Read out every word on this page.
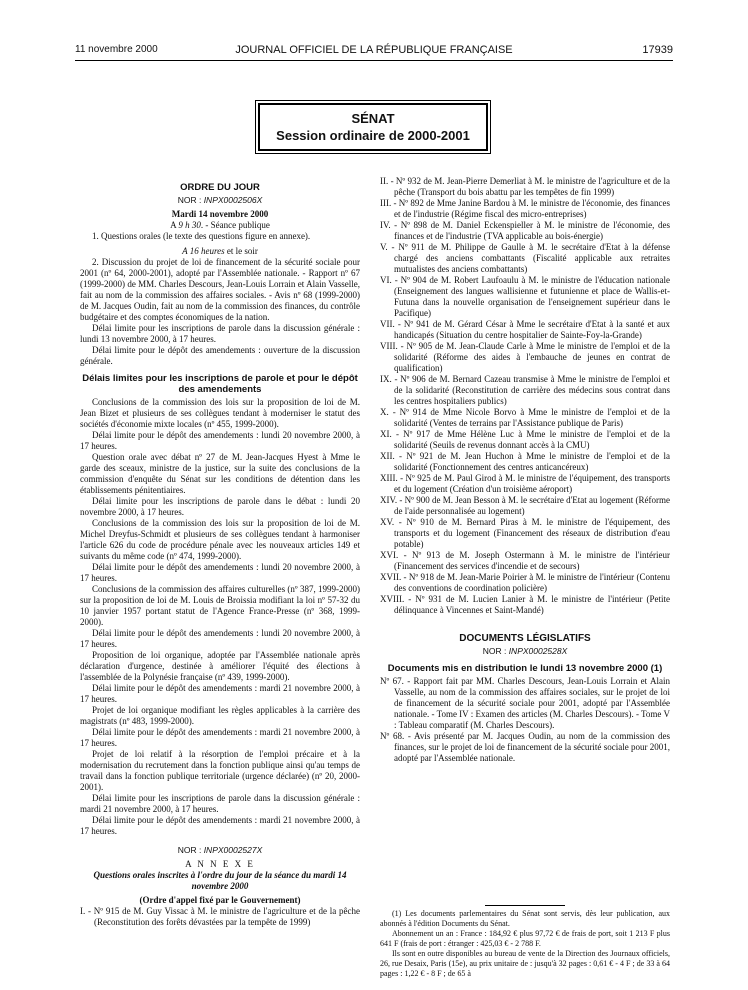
11 novembre 2000	JOURNAL OFFICIEL DE LA RÉPUBLIQUE FRANÇAISE	17939
SÉNAT
Session ordinaire de 2000-2001
ORDRE DU JOUR
NOR : INPX0002506X

Mardi 14 novembre 2000

A 9 h 30. - Séance publique

1. Questions orales (le texte des questions figure en annexe).

A 16 heures et le soir

2. Discussion du projet de loi de financement de la sécurité sociale pour 2001 (nº 64, 2000-2001), adopté par l'Assemblée nationale. - Rapport nº 67 (1999-2000) de MM. Charles Descours, Jean-Louis Lorrain et Alain Vasselle, fait au nom de la commission des affaires sociales. - Avis nº 68 (1999-2000) de M. Jacques Oudin, fait au nom de la commission des finances, du contrôle budgétaire et des comptes économiques de la nation.

Délai limite pour les inscriptions de parole dans la discussion générale : lundi 13 novembre 2000, à 17 heures.

Délai limite pour le dépôt des amendements : ouverture de la discussion générale.

Délais limites pour les inscriptions de parole et pour le dépôt des amendements

Conclusions de la commission des lois sur la proposition de loi de M. Jean Bizet et plusieurs de ses collègues tendant à moderniser le statut des sociétés d'économie mixte locales (nº 455, 1999-2000).

Délai limite pour le dépôt des amendements : lundi 20 novembre 2000, à 17 heures.

Question orale avec débat nº 27 de M. Jean-Jacques Hyest à Mme le garde des sceaux, ministre de la justice, sur la suite des conclusions de la commission d'enquête du Sénat sur les conditions de détention dans les établissements pénitentiaires.

Délai limite pour les inscriptions de parole dans le débat : lundi 20 novembre 2000, à 17 heures.

Conclusions de la commission des lois sur la proposition de loi de M. Michel Dreyfus-Schmidt et plusieurs de ses collègues tendant à harmoniser l'article 626 du code de procédure pénale avec les nouveaux articles 149 et suivants du même code (nº 474, 1999-2000).

Délai limite pour le dépôt des amendements : lundi 20 novembre 2000, à 17 heures.

Conclusions de la commission des affaires culturelles (nº 387, 1999-2000) sur la proposition de loi de M. Louis de Broissia modifiant la loi nº 57-32 du 10 janvier 1957 portant statut de l'Agence France-Presse (nº 368, 1999-2000).

Délai limite pour le dépôt des amendements : lundi 20 novembre 2000, à 17 heures.

Proposition de loi organique, adoptée par l'Assemblée nationale après déclaration d'urgence, destinée à améliorer l'équité des élections à l'assemblée de la Polynésie française (nº 439, 1999-2000).

Délai limite pour le dépôt des amendements : mardi 21 novembre 2000, à 17 heures.

Projet de loi organique modifiant les règles applicables à la carrière des magistrats (nº 483, 1999-2000).

Délai limite pour le dépôt des amendements : mardi 21 novembre 2000, à 17 heures.

Projet de loi relatif à la résorption de l'emploi précaire et à la modernisation du recrutement dans la fonction publique ainsi qu'au temps de travail dans la fonction publique territoriale (urgence déclarée) (nº 20, 2000-2001).

Délai limite pour les inscriptions de parole dans la discussion générale : mardi 21 novembre 2000, à 17 heures.

Délai limite pour le dépôt des amendements : mardi 21 novembre 2000, à 17 heures.

NOR : INPX0002527X

A N N E X E

Questions orales inscrites à l'ordre du jour de la séance du mardi 14 novembre 2000

(Ordre d'appel fixé par le Gouvernement)

I. - Nº 915 de M. Guy Vissac à M. le ministre de l'agriculture et de la pêche (Reconstitution des forêts dévastées par la tempête de 1999)

II. - Nº 932 de M. Jean-Pierre Demerliat à M. le ministre de l'agriculture et de la pêche (Transport du bois abattu par les tempêtes de fin 1999)

III. - Nº 892 de Mme Janine Bardou à M. le ministre de l'économie, des finances et de l'industrie (Régime fiscal des micro-entreprises)

IV. - Nº 898 de M. Daniel Eckenspieller à M. le ministre de l'économie, des finances et de l'industrie (TVA applicable au bois-énergie)

V. - Nº 911 de M. Philippe de Gaulle à M. le secrétaire d'Etat à la défense chargé des anciens combattants (Fiscalité applicable aux retraites mutualistes des anciens combattants)

VI. - Nº 904 de M. Robert Laufoaulu à M. le ministre de l'éducation nationale (Enseignement des langues wallisienne et futunienne et place de Wallis-et-Futuna dans la nouvelle organisation de l'enseignement supérieur dans le Pacifique)

VII. - Nº 941 de M. Gérard César à Mme le secrétaire d'Etat à la santé et aux handicapés (Situation du centre hospitalier de Sainte-Foy-la-Grande)

VIII. - Nº 905 de M. Jean-Claude Carle à Mme le ministre de l'emploi et de la solidarité (Réforme des aides à l'embauche de jeunes en contrat de qualification)

IX. - Nº 906 de M. Bernard Cazeau transmise à Mme le ministre de l'emploi et de la solidarité (Reconstitution de carrière des médecins sous contrat dans les centres hospitaliers publics)

X. - Nº 914 de Mme Nicole Borvo à Mme le ministre de l'emploi et de la solidarité (Ventes de terrains par l'Assistance publique de Paris)

XI. - Nº 917 de Mme Hélène Luc à Mme le ministre de l'emploi et de la solidarité (Seuils de revenus donnant accès à la CMU)

XII. - Nº 921 de M. Jean Huchon à Mme le ministre de l'emploi et de la solidarité (Fonctionnement des centres anticancéreux)

XIII. - Nº 925 de M. Paul Girod à M. le ministre de l'équipement, des transports et du logement (Création d'un troisième aéroport)

XIV. - Nº 900 de M. Jean Besson à M. le secrétaire d'Etat au logement (Réforme de l'aide personnalisée au logement)

XV. - Nº 910 de M. Bernard Piras à M. le ministre de l'équipement, des transports et du logement (Financement des réseaux de distribution d'eau potable)

XVI. - Nº 913 de M. Joseph Ostermann à M. le ministre de l'intérieur (Financement des services d'incendie et de secours)

XVII. - Nº 918 de M. Jean-Marie Poirier à M. le ministre de l'intérieur (Contenu des conventions de coordination policière)

XVIII. - Nº 931 de M. Lucien Lanier à M. le ministre de l'intérieur (Petite délinquance à Vincennes et Saint-Mandé)

DOCUMENTS LÉGISLATIFS
NOR : INPX0002528X
Documents mis en distribution le lundi 13 novembre 2000 (1)

Nº 67. - Rapport fait par MM. Charles Descours, Jean-Louis Lorrain et Alain Vasselle, au nom de la commission des affaires sociales, sur le projet de loi de financement de la sécurité sociale pour 2001, adopté par l'Assemblée nationale. - Tome IV : Examen des articles (M. Charles Descours). - Tome V : Tableau comparatif (M. Charles Descours).

Nº 68. - Avis présenté par M. Jacques Oudin, au nom de la commission des finances, sur le projet de loi de financement de la sécurité sociale pour 2001, adopté par l'Assemblée nationale.

(1) Les documents parlementaires du Sénat sont servis, dès leur publication, aux abonnés à l'édition Documents du Sénat.

Abonnement un an : France : 184,92 € plus 97,72 € de frais de port, soit 1 213 F plus 641 F (frais de port : étranger : 425,03 € - 2 788 F.

Ils sont en outre disponibles au bureau de vente de la Direction des Journaux officiels, 26, rue Desaix, Paris (15e), au prix unitaire de : jusqu'à 32 pages : 0,61 € - 4 F ; de 33 à 64 pages : 1,22 € - 8 F ; de 65 à
